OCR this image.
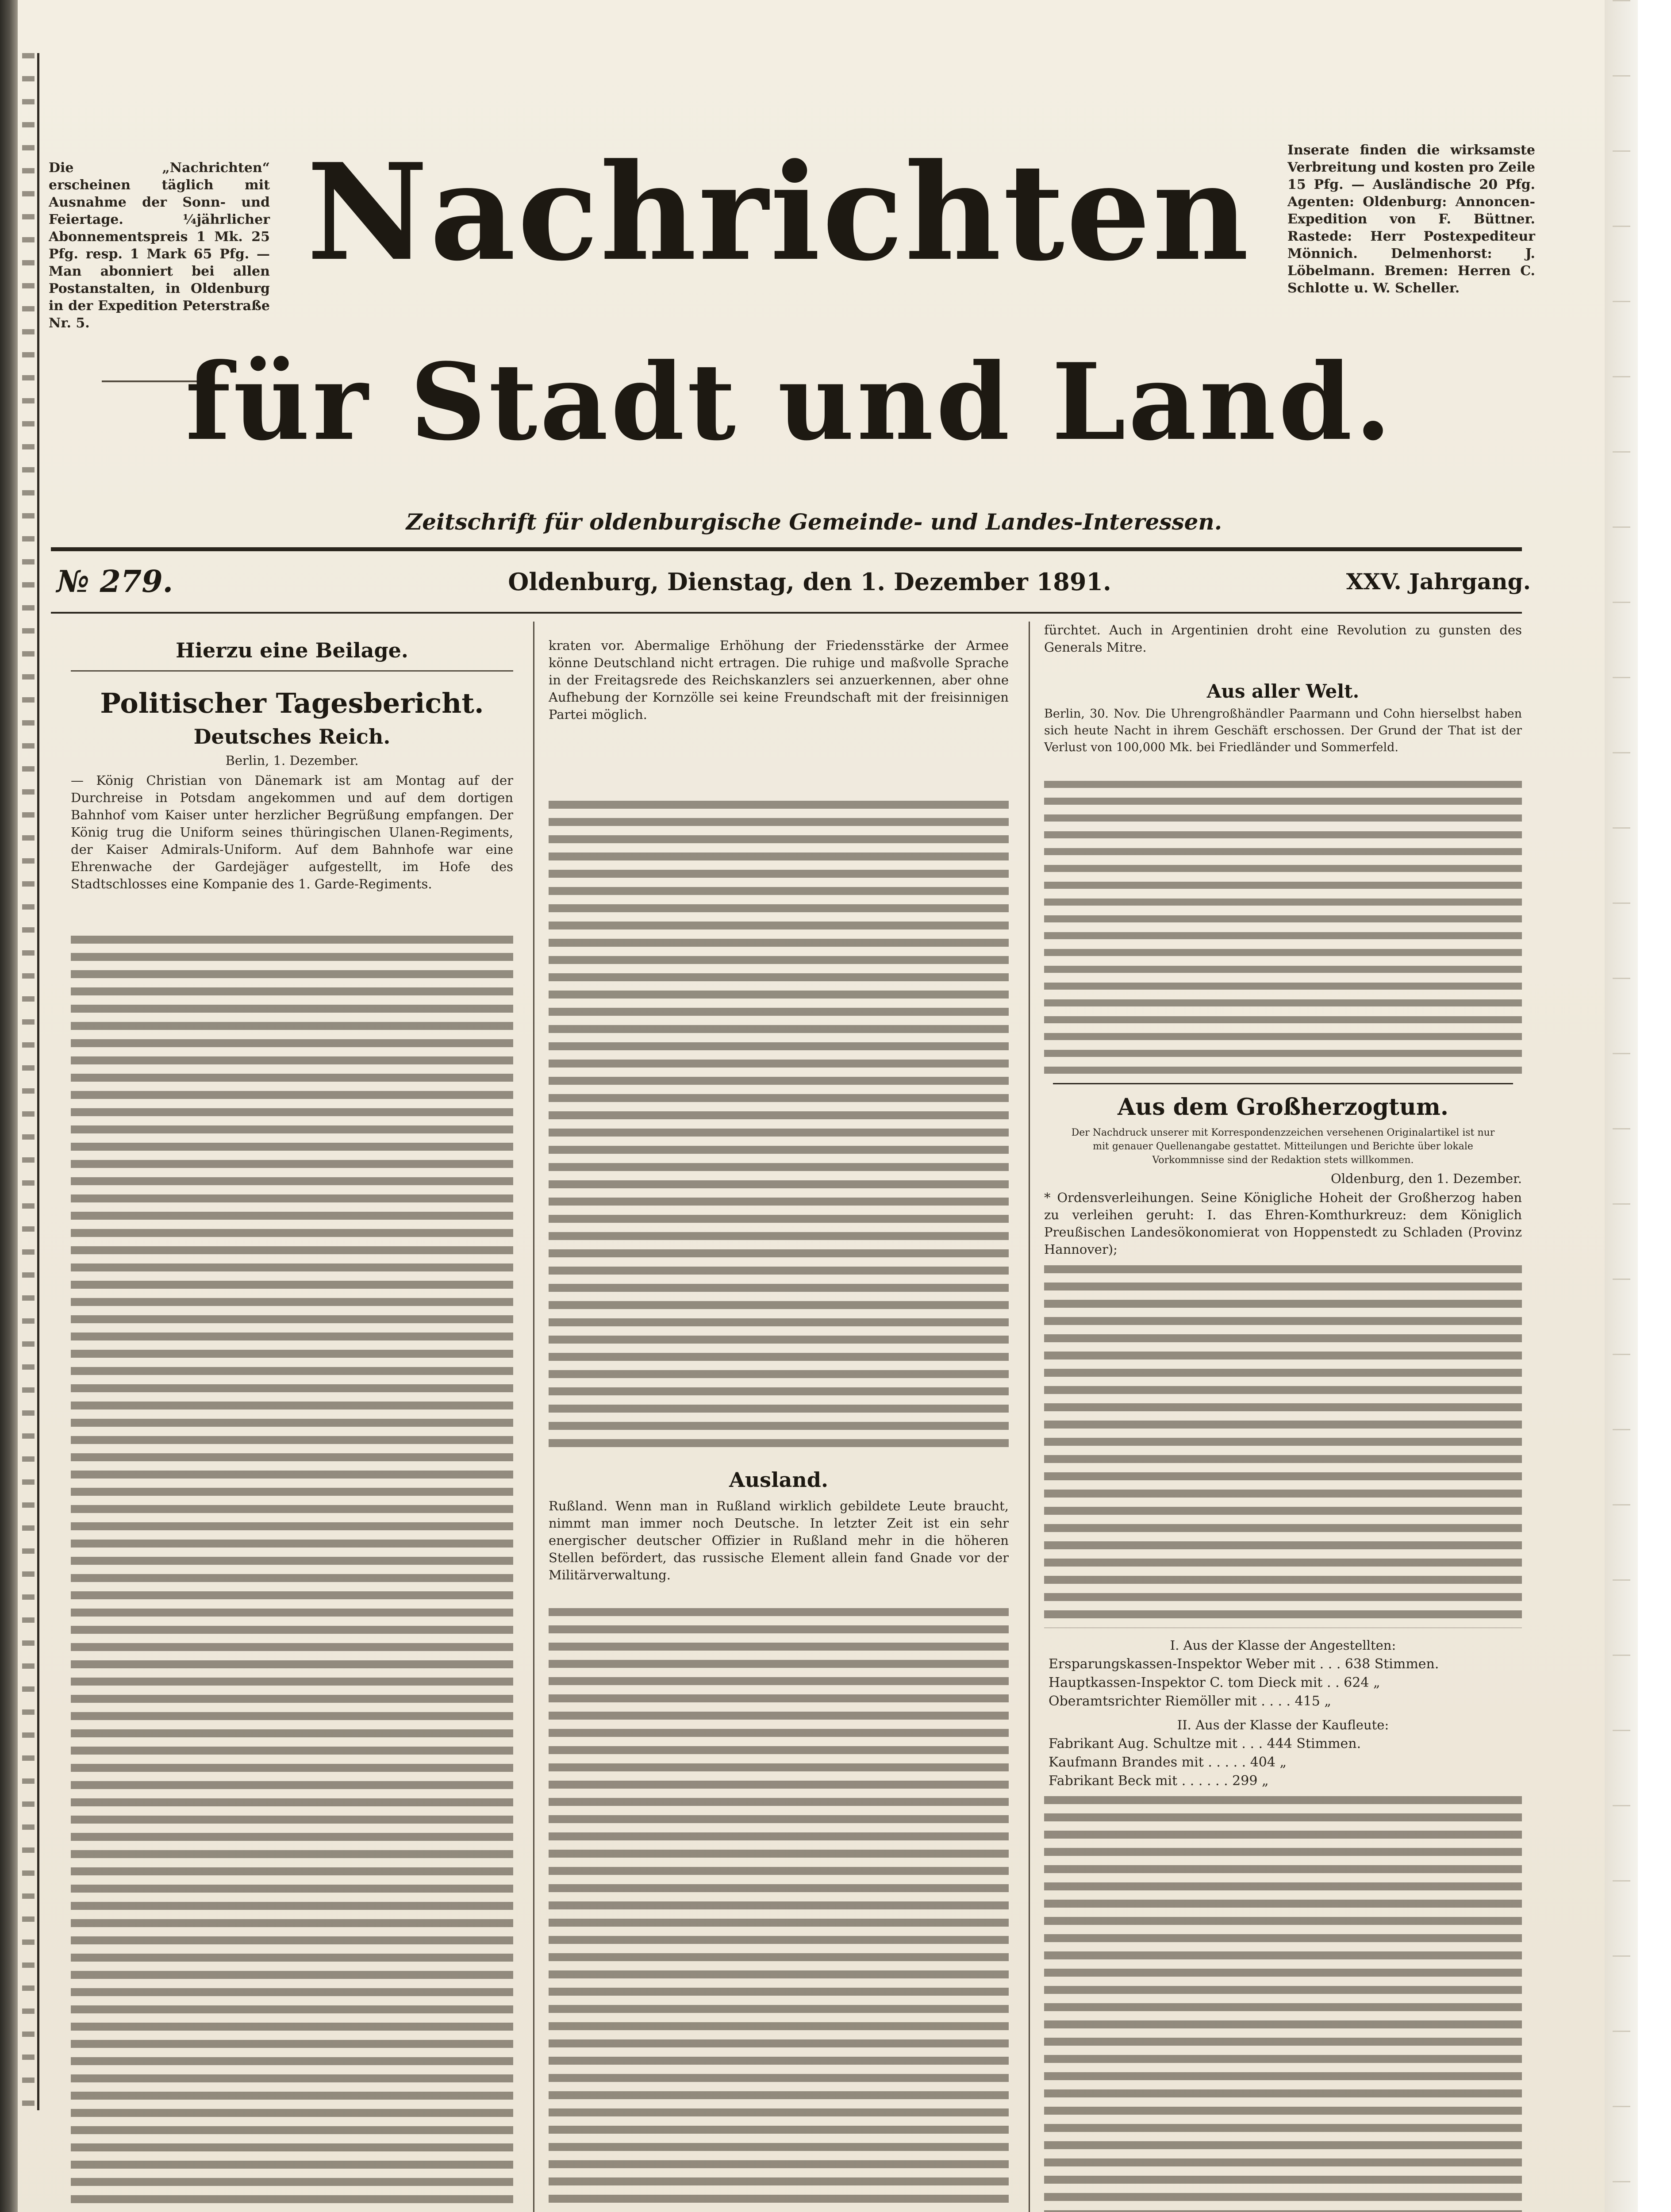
Die „Nachrichten“ erscheinen täglich mit Ausnahme der Sonn- und Feiertage. ¼jährlicher Abonnementspreis 1 Mk. 25 Pfg. resp. 1 Mark 65 Pfg. — Man abonniert bei allen Postanstalten, in Oldenburg in der Expedition Peterstraße Nr. 5.
Nachrichten
für Stadt und Land.
Inserate finden die wirksamste Verbreitung und kosten pro Zeile 15 Pfg. — Ausländische 20 Pfg. Agenten: Oldenburg: Annoncen-Expedition von F. Büttner. Rastede: Herr Postexpediteur Mönnich. Delmenhorst: J. Löbelmann. Bremen: Herren C. Schlotte u. W. Scheller.
Zeitschrift für oldenburgische Gemeinde- und Landes-Interessen.
№ 279.	Oldenburg, Dienstag, den 1. Dezember 1891.	XXV. Jahrgang.
Hierzu eine Beilage.
Politischer Tagesbericht.
Deutsches Reich.
Berlin, 1. Dezember.
— König Christian von Dänemark ist am Montag auf der Durchreise in Potsdam angekommen und auf dem dortigen Bahnhof vom Kaiser unter herzlicher Begrüßung empfangen. Der König trug die Uniform seines thüringischen Ulanen-Regiments, der Kaiser Admirals-Uniform. Auf dem Bahnhofe war eine Ehrenwache der Gardejäger aufgestellt, im Hofe des Stadtschlosses eine Kompanie des 1. Garde-Regiments.
kraten vor. Abermalige Erhöhung der Friedensstärke der Armee könne Deutschland nicht ertragen. Die ruhige und maßvolle Sprache in der Freitagsrede des Reichskanzlers sei anzuerkennen, aber ohne Aufhebung der Kornzölle sei keine Freundschaft mit der freisinnigen Partei möglich.
Ausland.
Rußland. Wenn man in Rußland wirklich gebildete Leute braucht, nimmt man immer noch Deutsche. In letzter Zeit ist ein sehr energischer deutscher Offizier in Rußland mehr in die höheren Stellen befördert, das russische Element allein fand Gnade vor der Militärverwaltung.
fürchtet. Auch in Argentinien droht eine Revolution zu gunsten des Generals Mitre.
Aus aller Welt.
Berlin, 30. Nov. Die Uhrengroßhändler Paarmann und Cohn hierselbst haben sich heute Nacht in ihrem Geschäft erschossen. Der Grund der That ist der Verlust von 100,000 Mk. bei Friedländer und Sommerfeld.
Aus dem Großherzogtum.
Der Nachdruck unserer mit Korrespondenzzeichen versehenen Originalartikel ist nur mit genauer Quellenangabe gestattet. Mitteilungen und Berichte über lokale Vorkommnisse sind der Redaktion stets willkommen.
Oldenburg, den 1. Dezember.
* Ordensverleihungen. Seine Königliche Hoheit der Großherzog haben zu verleihen geruht: I. das Ehren-Komthurkreuz: dem Königlich Preußischen Landesökonomierat von Hoppenstedt zu Schladen (Provinz Hannover);
I. Aus der Klasse der Angestellten:
Ersparungskassen-Inspektor Weber mit . . . 638 Stimmen.
Hauptkassen-Inspektor C. tom Dieck mit . . 624 „
Oberamtsrichter Riemöller mit . . . . 415 „
II. Aus der Klasse der Kaufleute:
Fabrikant Aug. Schultze mit . . . 444 Stimmen.
Kaufmann Brandes mit . . . . . 404 „
Fabrikant Beck mit . . . . . . 299 „
